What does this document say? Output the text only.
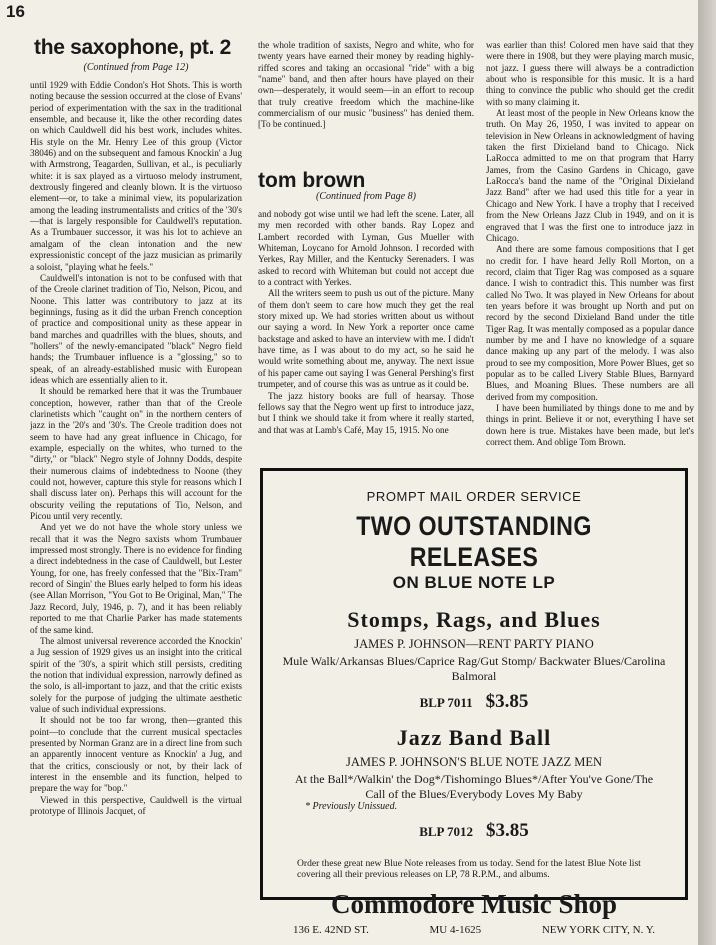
16
the saxophone, pt. 2
(Continued from Page 12)

until 1929 with Eddie Condon's Hot Shots. This is worth noting because the session occurred at the close of Evans' period of experimentation with the sax in the traditional ensemble, and because it, like the other recording dates on which Cauldwell did his best work, includes whites. His style on the Mr. Henry Lee of this group (Victor 38046) and on the subsequent and famous Knockin' a Jug with Armstrong, Teagarden, Sullivan, et al., is peculiarly white: it is sax played as a virtuoso melody instrument, dextrously fingered and cleanly blown. It is the virtuoso element—or, to take a minimal view, its popularization among the leading instrumentalists and critics of the '30's—that is largely responsible for Cauldwell's reputation. As a Trumbauer successor, it was his lot to achieve an amalgam of the clean intonation and the new expressionistic concept of the jazz musician as primarily a soloist, "playing what he feels."

Cauldwell's intonation is not to be confused with that of the Creole clarinet tradition of Tio, Nelson, Picou, and Noone. This latter was contributory to jazz at its beginnings, fusing as it did the urban French conception of practice and compositional unity as these appear in band marches and quadrilles with the blues, shouts, and "hollers" of the newly-emancipated "black" Negro field hands; the Trumbauer influence is a "glossing," so to speak, of an already-established music with European ideas which are essentially alien to it.

It should be remarked here that it was the Trumbauer conception, however, rather than that of the Creole clarinetists which "caught on" in the northern centers of jazz in the '20's and '30's. The Creole tradition does not seem to have had any great influence in Chicago, for example, especially on the whites, who turned to the "dirty," or "black" Negro style of Johnny Dodds, despite their numerous claims of indebtedness to Noone (they could not, however, capture this style for reasons which I shall discuss later on). Perhaps this will account for the obscurity veiling the reputations of Tio, Nelson, and Picou until very recently.

And yet we do not have the whole story unless we recall that it was the Negro saxists whom Trumbauer impressed most strongly. There is no evidence for finding a direct indebtedness in the case of Cauldwell, but Lester Young, for one, has freely confessed that the "Bix-Tram" record of Singin' the Blues early helped to form his ideas (see Allan Morrison, "You Got to Be Original, Man," The Jazz Record, July, 1946, p. 7), and it has been reliably reported to me that Charlie Parker has made statements of the same kind.

The almost universal reverence accorded the Knockin' a Jug session of 1929 gives us an insight into the critical spirit of the '30's, a spirit which still persists, crediting the notion that individual expression, narrowly defined as the solo, is all-important to jazz, and that the critic exists solely for the purpose of judging the ultimate aesthetic value of such individual expressions.

It should not be too far wrong, then—granted this point—to conclude that the current musical spectacles presented by Norman Granz are in a direct line from such an apparently innocent venture as Knockin' a Jug, and that the critics, consciously or not, by their lack of interest in the ensemble and its function, helped to prepare the way for "bop."

Viewed in this perspective, Cauldwell is the virtual prototype of Illinois Jacquet, of

the whole tradition of saxists, Negro and white, who for twenty years have earned their money by reading highly-riffed scores and taking an occasional "ride" with a big "name" band, and then after hours have played on their own—desperately, it would seem—in an effort to recoup that truly creative freedom which the machine-like commercialism of our music "business" has denied them. [To be continued.]

tom brown
(Continued from Page 8)

and nobody got wise until we had left the scene. Later, all my men recorded with other bands. Ray Lopez and Lambert recorded with Lyman, Gus Mueller with Whiteman, Loycano for Arnold Johnson. I recorded with Yerkes, Ray Miller, and the Kentucky Serenaders. I was asked to record with Whiteman but could not accept due to a contract with Yerkes.

All the writers seem to push us out of the picture. Many of them don't seem to care how much they get the real story mixed up. We had stories written about us without our saying a word. In New York a reporter once came backstage and asked to have an interview with me. I didn't have time, as I was about to do my act, so he said he would write something about me, anyway. The next issue of his paper came out saying I was General Pershing's first trumpeter, and of course this was as untrue as it could be.

The jazz history books are full of hearsay. Those fellows say that the Negro went up first to introduce jazz, but I think we should take it from where it really started, and that was at Lamb's Café, May 15, 1915. No one

was earlier than this! Colored men have said that they were there in 1908, but they were playing march music, not jazz. I guess there will always be a contradiction about who is responsible for this music. It is a hard thing to convince the public who should get the credit with so many claiming it.

At least most of the people in New Orleans know the truth. On May 26, 1950, I was invited to appear on television in New Orleans in acknowledgment of having taken the first Dixieland band to Chicago. Nick LaRocca admitted to me on that program that Harry James, from the Casino Gardens in Chicago, gave LaRocca's band the name of the "Original Dixieland Jazz Band" after we had used this title for a year in Chicago and New York. I have a trophy that I received from the New Orleans Jazz Club in 1949, and on it is engraved that I was the first one to introduce jazz in Chicago.

And there are some famous compositions that I get no credit for. I have heard Jelly Roll Morton, on a record, claim that Tiger Rag was composed as a square dance. I wish to contradict this. This number was first called No Two. It was played in New Orleans for about ten years before it was brought up North and put on record by the second Dixieland Band under the title Tiger Rag. It was mentally composed as a popular dance number by me and I have no knowledge of a square dance making up any part of the melody. I was also proud to see my composition, More Power Blues, get so popular as to be called Livery Stable Blues, Barnyard Blues, and Moaning Blues. These numbers are all derived from my composition.

I have been humiliated by things done to me and by things in print. Believe it or not, everything I have set down here is true. Mistakes have been made, but let's correct them. And oblige Tom Brown.

PROMPT MAIL ORDER SERVICE
TWO OUTSTANDING RELEASES
ON BLUE NOTE LP
Stomps, Rags, and Blues
JAMES P. JOHNSON—RENT PARTY PIANO
Mule Walk/Arkansas Blues/Caprice Rag/Gut Stomp/ Backwater Blues/Carolina Balmoral
BLP 7011 $3.85
Jazz Band Ball
JAMES P. JOHNSON'S BLUE NOTE JAZZ MEN
At the Ball*/Walkin' the Dog*/Tishomingo Blues*/After You've Gone/The Call of the Blues/Everybody Loves My Baby
* Previously Unissued.
BLP 7012 $3.85
Order these great new Blue Note releases from us today. Send for the latest Blue Note list covering all their previous releases on LP, 78 R.P.M., and albums.
Commodore Music Shop
136 E. 42ND ST.	MU 4-1625	NEW YORK CITY, N. Y.
